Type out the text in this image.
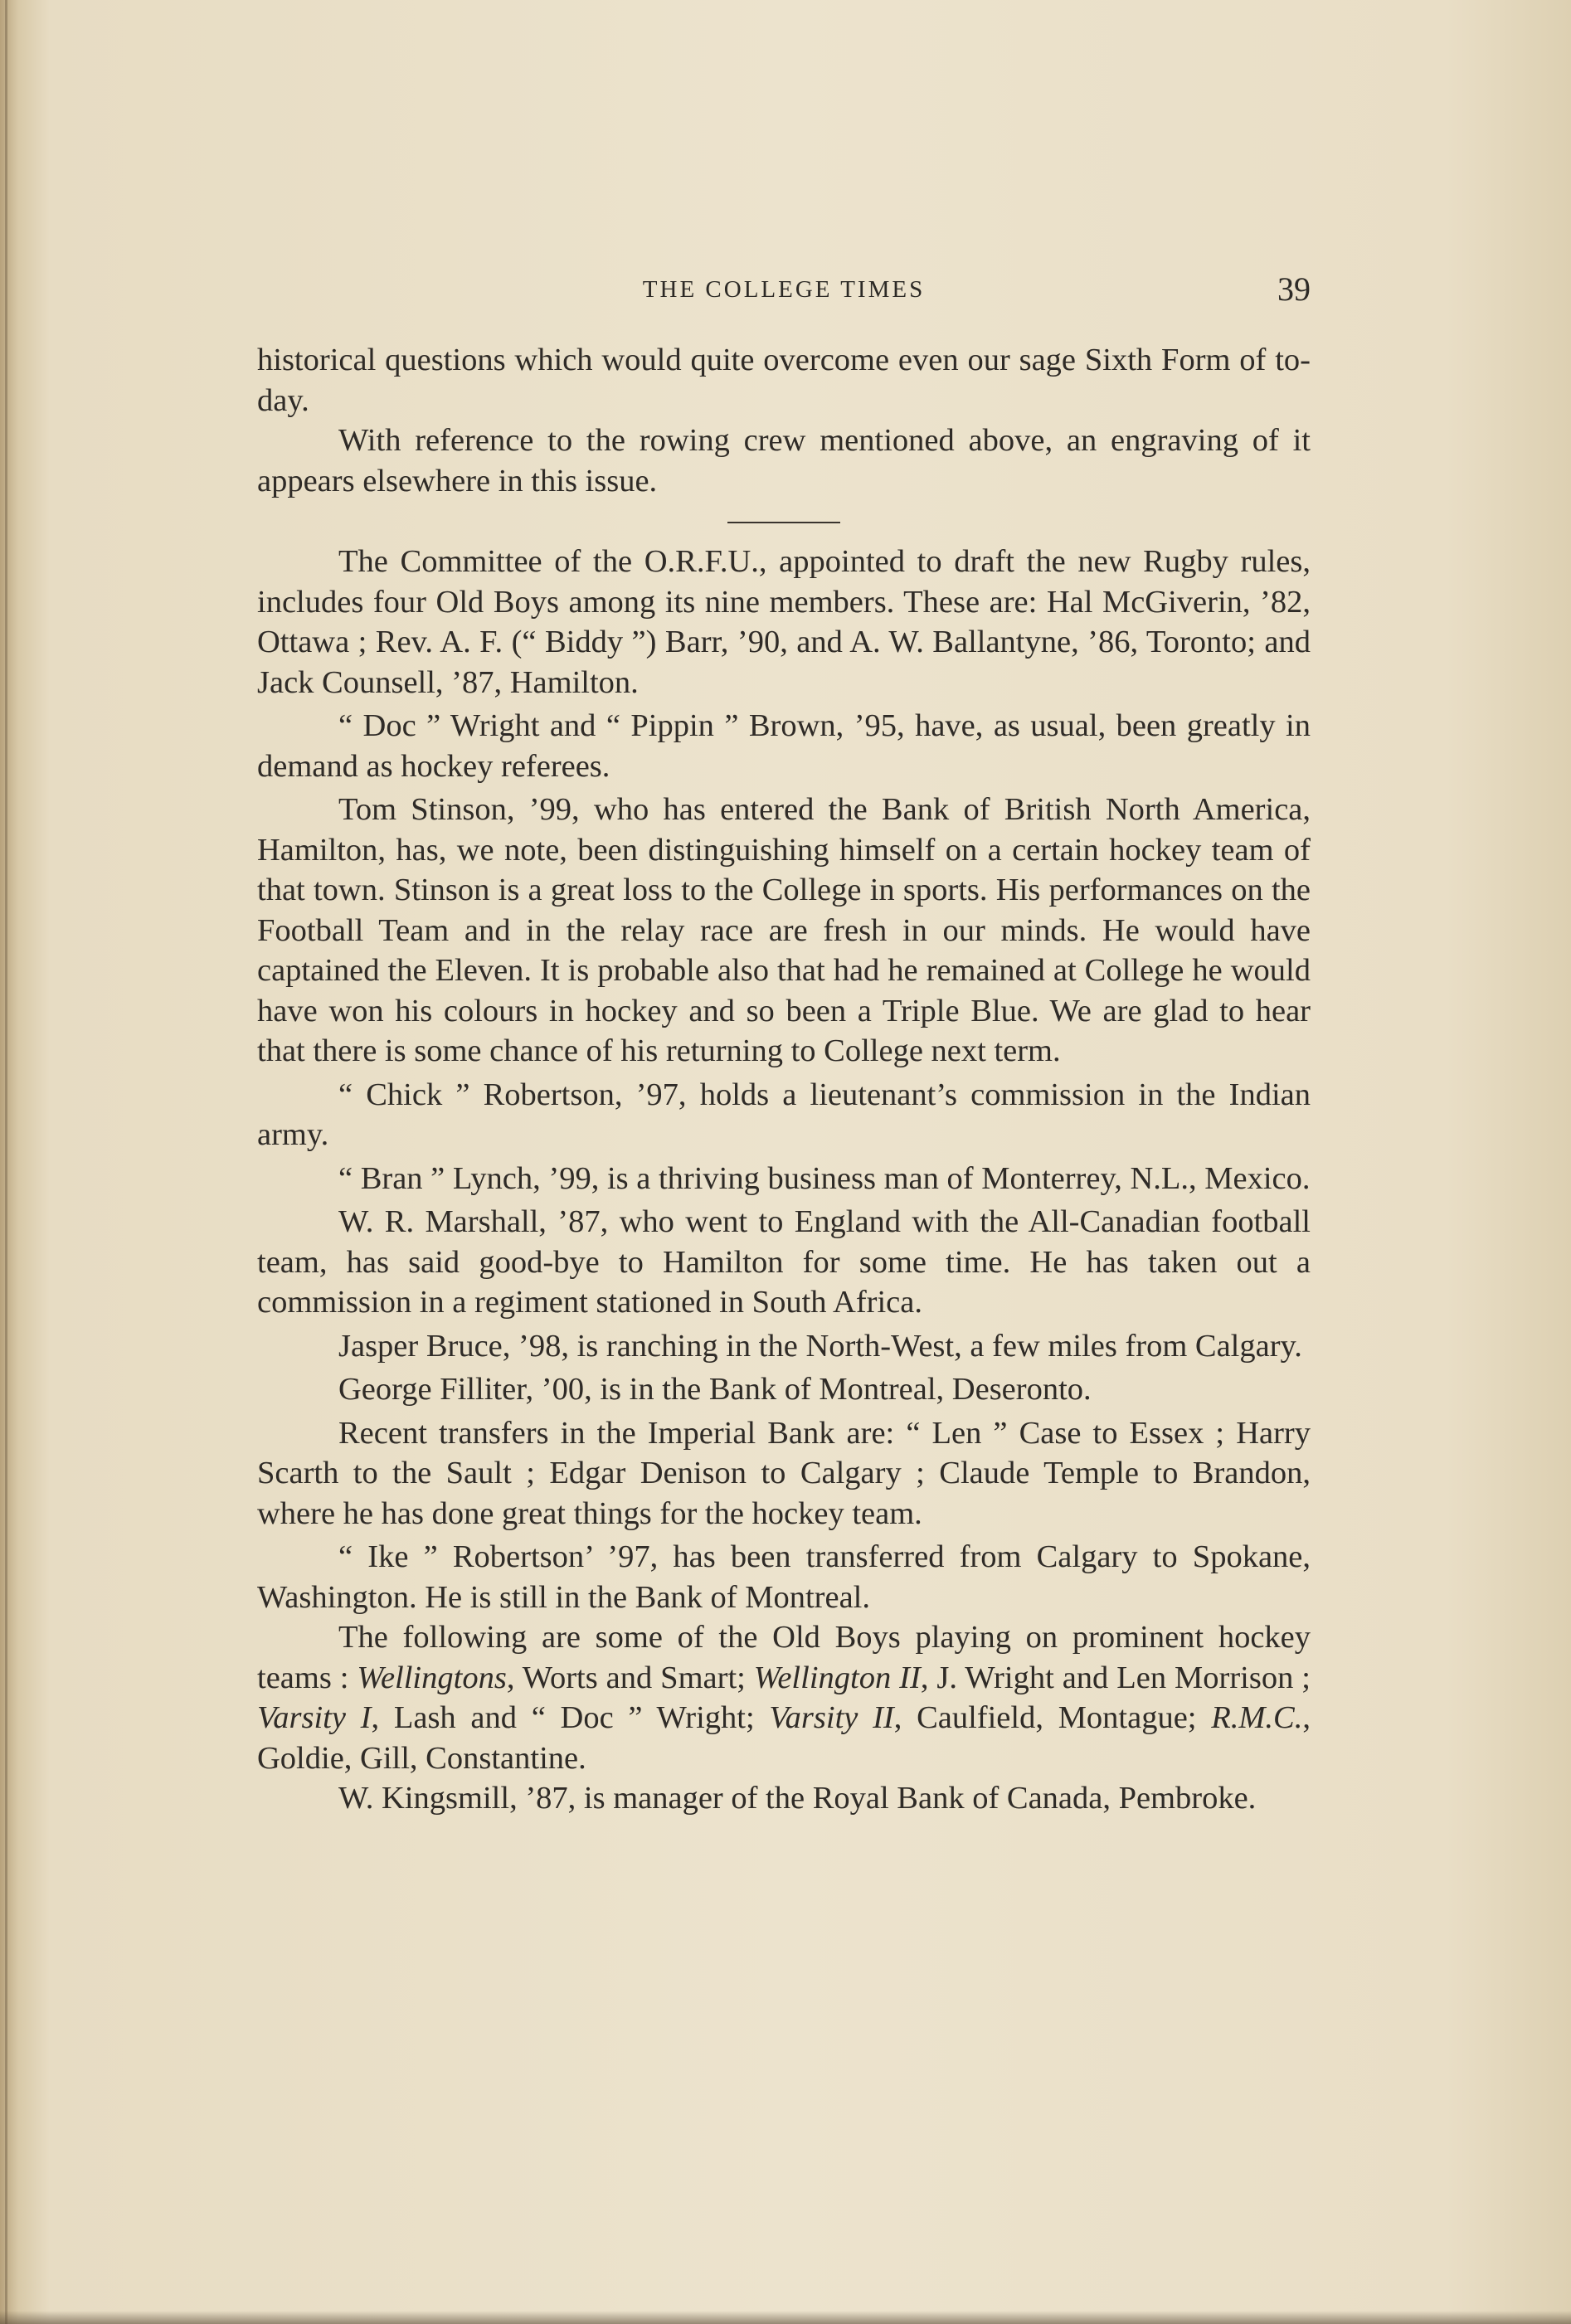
THE COLLEGE TIMES	39

historical questions which would quite overcome even our sage Sixth Form of to-day.

With reference to the rowing crew mentioned above, an engraving of it appears elsewhere in this issue.

The Committee of the O.R.F.U., appointed to draft the new Rugby rules, includes four Old Boys among its nine members. These are: Hal McGiverin, ’82, Ottawa ; Rev. A. F. (“ Biddy ”) Barr, ’90, and A. W. Ballantyne, ’86, Toronto; and Jack Counsell, ’87, Hamilton.

“ Doc ” Wright and “ Pippin ” Brown, ’95, have, as usual, been greatly in demand as hockey referees.

Tom Stinson, ’99, who has entered the Bank of British North America, Hamilton, has, we note, been distinguishing himself on a certain hockey team of that town. Stinson is a great loss to the College in sports. His performances on the Football Team and in the relay race are fresh in our minds. He would have captained the Eleven. It is probable also that had he remained at College he would have won his colours in hockey and so been a Triple Blue. We are glad to hear that there is some chance of his returning to College next term.

“ Chick ” Robertson, ’97, holds a lieutenant’s commission in the Indian army.

“ Bran ” Lynch, ’99, is a thriving business man of Monterrey, N.L., Mexico.

W. R. Marshall, ’87, who went to England with the All-Canadian football team, has said good-bye to Hamilton for some time. He has taken out a commission in a regiment stationed in South Africa.

Jasper Bruce, ’98, is ranching in the North-West, a few miles from Calgary.

George Filliter, ’00, is in the Bank of Montreal, Deseronto.

Recent transfers in the Imperial Bank are: “ Len ” Case to Essex ; Harry Scarth to the Sault ; Edgar Denison to Calgary ; Claude Temple to Brandon, where he has done great things for the hockey team.

“ Ike ” Robertson’ ’97, has been transferred from Calgary to Spokane, Washington. He is still in the Bank of Montreal.

The following are some of the Old Boys playing on prominent hockey teams : Wellingtons, Worts and Smart; Wellington II, J. Wright and Len Morrison ; Varsity I, Lash and “ Doc ” Wright; Varsity II, Caulfield, Montague; R.M.C., Goldie, Gill, Constantine.

W. Kingsmill, ’87, is manager of the Royal Bank of Canada, Pembroke.
